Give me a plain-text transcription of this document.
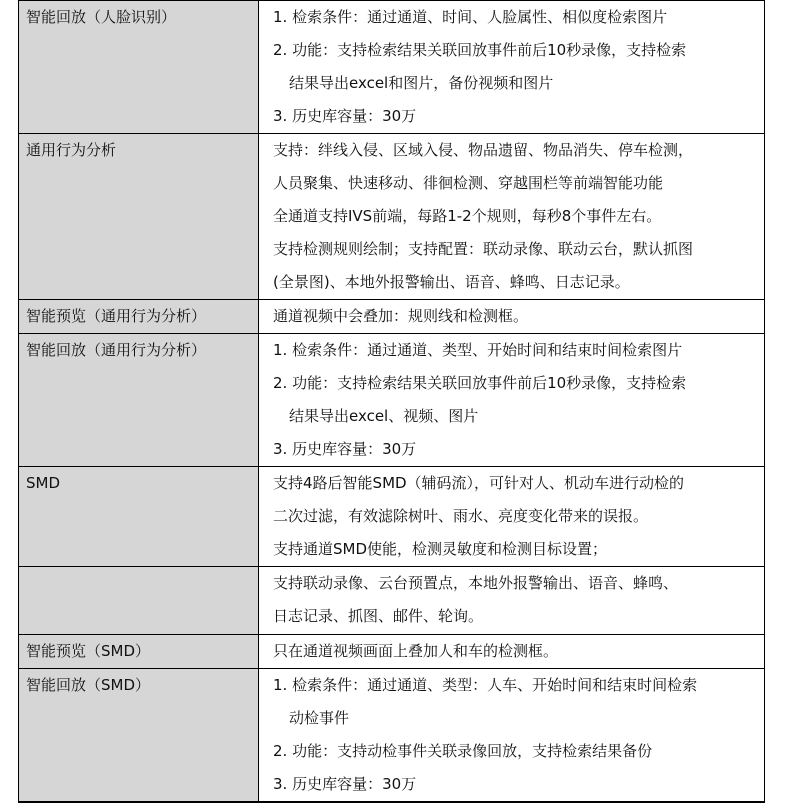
智能回放（人脸识别）	1. 检索条件：通过通道、时间、人脸属性、相似度检索图片
2. 功能：支持检索结果关联回放事件前后10秒录像，支持检索
结果导出excel和图片，备份视频和图片
3. 历史库容量：30万

通用行为分析	支持：绊线入侵、区域入侵、物品遗留、物品消失、停车检测，
人员聚集、快速移动、徘徊检测、穿越围栏等前端智能功能
全通道支持IVS前端，每路1-2个规则，每秒8个事件左右。
支持检测规则绘制；支持配置：联动录像、联动云台，默认抓图
(全景图)、本地外报警输出、语音、蜂鸣、日志记录。

智能预览（通用行为分析）	通道视频中会叠加：规则线和检测框。

智能回放（通用行为分析）	1. 检索条件：通过通道、类型、开始时间和结束时间检索图片
2. 功能：支持检索结果关联回放事件前后10秒录像，支持检索
结果导出excel、视频、图片
3. 历史库容量：30万

SMD	支持4路后智能SMD（辅码流），可针对人、机动车进行动检的
二次过滤，有效滤除树叶、雨水、亮度变化带来的误报。
支持通道SMD使能，检测灵敏度和检测目标设置；

	支持联动录像、云台预置点，本地外报警输出、语音、蜂鸣、
日志记录、抓图、邮件、轮询。

智能预览（SMD）	只在通道视频画面上叠加人和车的检测框。

智能回放（SMD）	1. 检索条件：通过通道、类型：人车、开始时间和结束时间检索
动检事件
2. 功能：支持动检事件关联录像回放，支持检索结果备份
3. 历史库容量：30万
